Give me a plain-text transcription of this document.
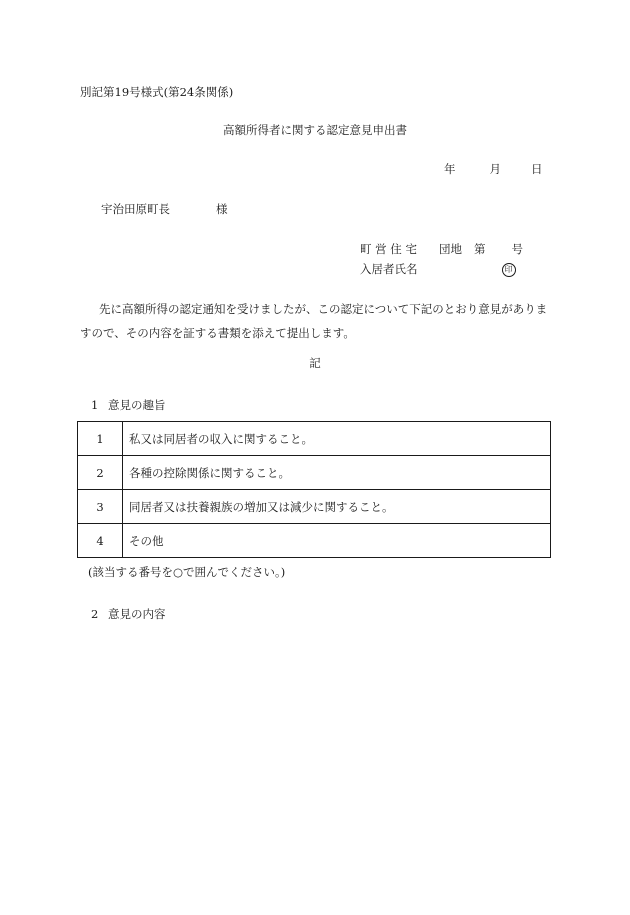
別記第19号様式(第24条関係)
高額所得者に関する認定意見申出書
年	月	日
宇治田原町長	様
町 営 住 宅 団地 第 号
入居者氏名	印
先に高額所得の認定通知を受けましたが、この認定について下記のとおり意見がありますので、その内容を証する書類を添えて提出します。
記
1 意見の趣旨
1	私又は同居者の収入に関すること。
2	各種の控除関係に関すること。
3	同居者又は扶養親族の増加又は減少に関すること。
4	その他
(該当する番号を○で囲んでください。)
2 意見の内容
